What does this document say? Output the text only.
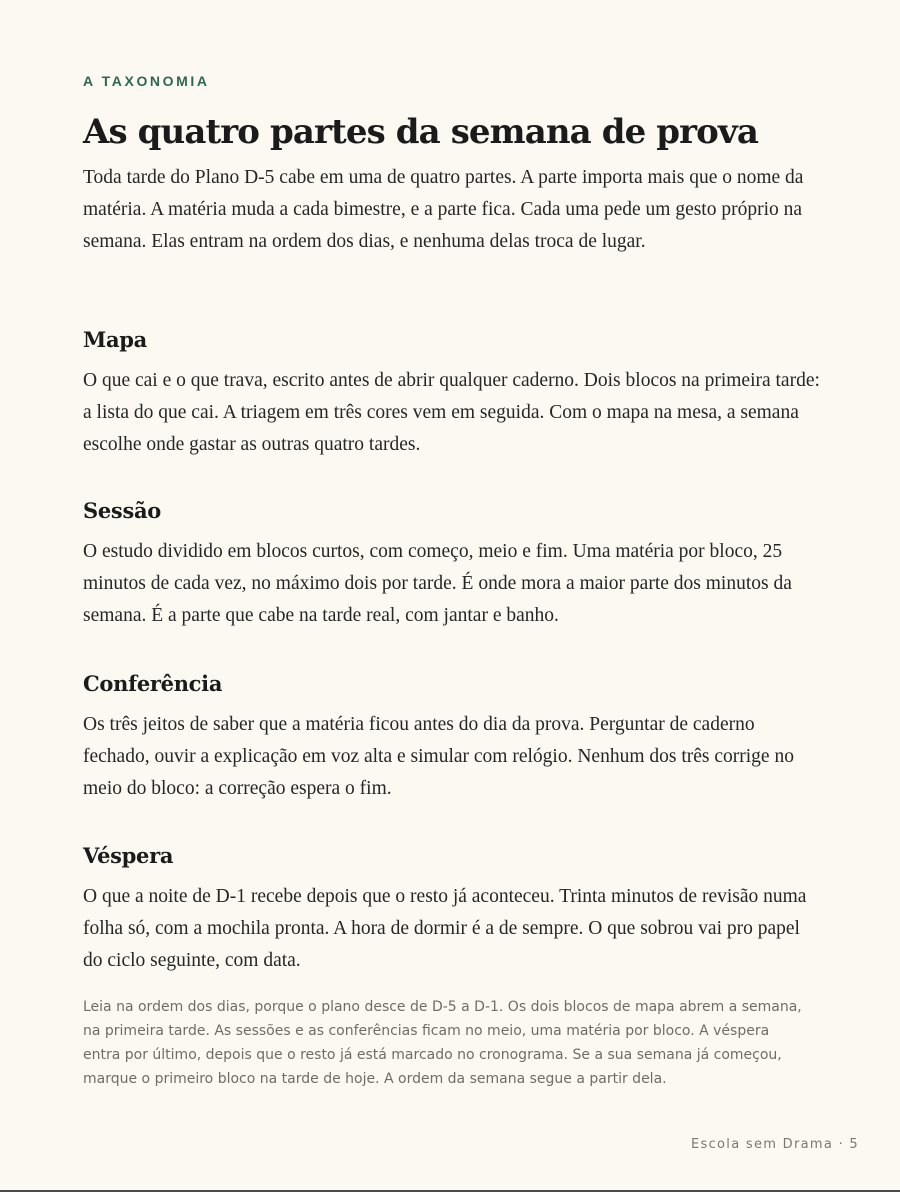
A TAXONOMIA

As quatro partes da semana de prova

Toda tarde do Plano D-5 cabe em uma de quatro partes. A parte importa mais que o nome da matéria. A matéria muda a cada bimestre, e a parte fica. Cada uma pede um gesto próprio na semana. Elas entram na ordem dos dias, e nenhuma delas troca de lugar.

Mapa

O que cai e o que trava, escrito antes de abrir qualquer caderno. Dois blocos na primeira tarde: a lista do que cai. A triagem em três cores vem em seguida. Com o mapa na mesa, a semana escolhe onde gastar as outras quatro tardes.

Sessão

O estudo dividido em blocos curtos, com começo, meio e fim. Uma matéria por bloco, 25 minutos de cada vez, no máximo dois por tarde. É onde mora a maior parte dos minutos da semana. É a parte que cabe na tarde real, com jantar e banho.

Conferência

Os três jeitos de saber que a matéria ficou antes do dia da prova. Perguntar de caderno fechado, ouvir a explicação em voz alta e simular com relógio. Nenhum dos três corrige no meio do bloco: a correção espera o fim.

Véspera

O que a noite de D-1 recebe depois que o resto já aconteceu. Trinta minutos de revisão numa folha só, com a mochila pronta. A hora de dormir é a de sempre. O que sobrou vai pro papel do ciclo seguinte, com data.

Leia na ordem dos dias, porque o plano desce de D-5 a D-1. Os dois blocos de mapa abrem a semana, na primeira tarde. As sessões e as conferências ficam no meio, uma matéria por bloco. A véspera entra por último, depois que o resto já está marcado no cronograma. Se a sua semana já começou, marque o primeiro bloco na tarde de hoje. A ordem da semana segue a partir dela.

Escola sem Drama · 5
